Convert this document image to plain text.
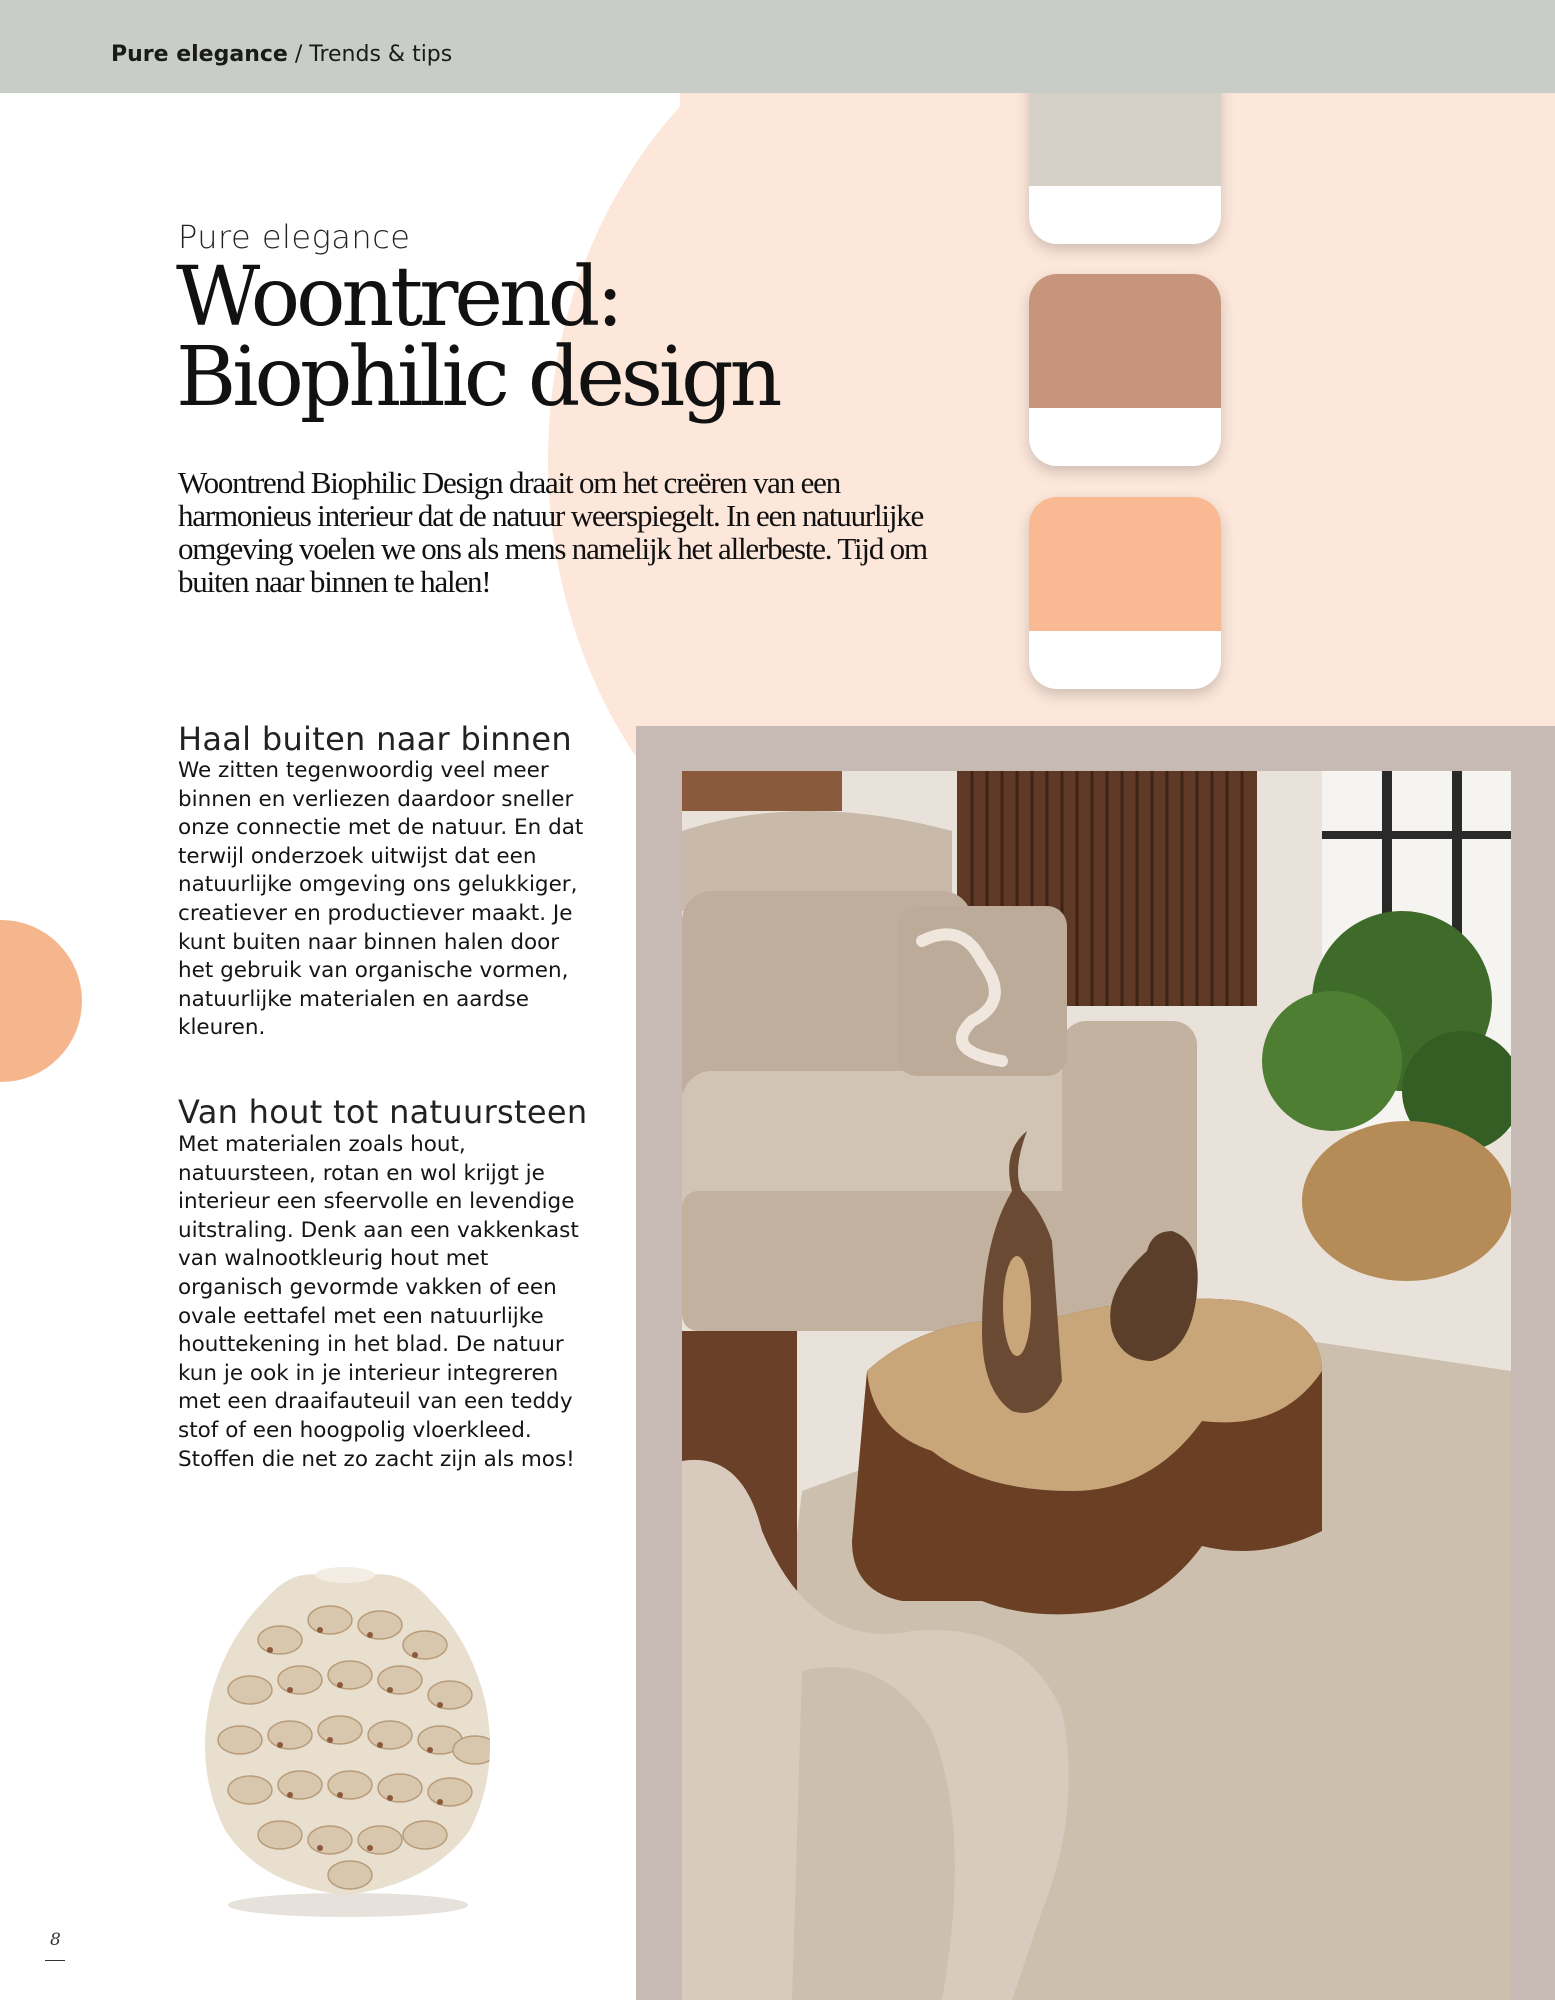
Pure elegance / Trends & tips
Pure elegance
Woontrend:
Biophilic design

Woontrend Biophilic Design draait om het creëren van een harmonieus interieur dat de natuur weerspiegelt. In een natuurlijke omgeving voelen we ons als mens namelijk het allerbeste. Tijd om buiten naar binnen te halen!

Haal buiten naar binnen

We zitten tegenwoordig veel meer binnen en verliezen daardoor sneller onze connectie met de natuur. En dat terwijl onderzoek uitwijst dat een natuurlijke omgeving ons gelukkiger, creatiever en productiever maakt. Je kunt buiten naar binnen halen door het gebruik van organische vormen, natuurlijke materialen en aardse kleuren.

Van hout tot natuursteen

Met materialen zoals hout, natuursteen, rotan en wol krijgt je interieur een sfeervolle en levendige uitstraling. Denk aan een vakkenkast van walnootkleurig hout met organisch gevormde vakken of een ovale eettafel met een natuurlijke houttekening in het blad. De natuur kun je ook in je interieur integreren met een draaifauteuil van een teddy stof of een hoogpolig vloerkleed. Stoffen die net zo zacht zijn als mos!

8
